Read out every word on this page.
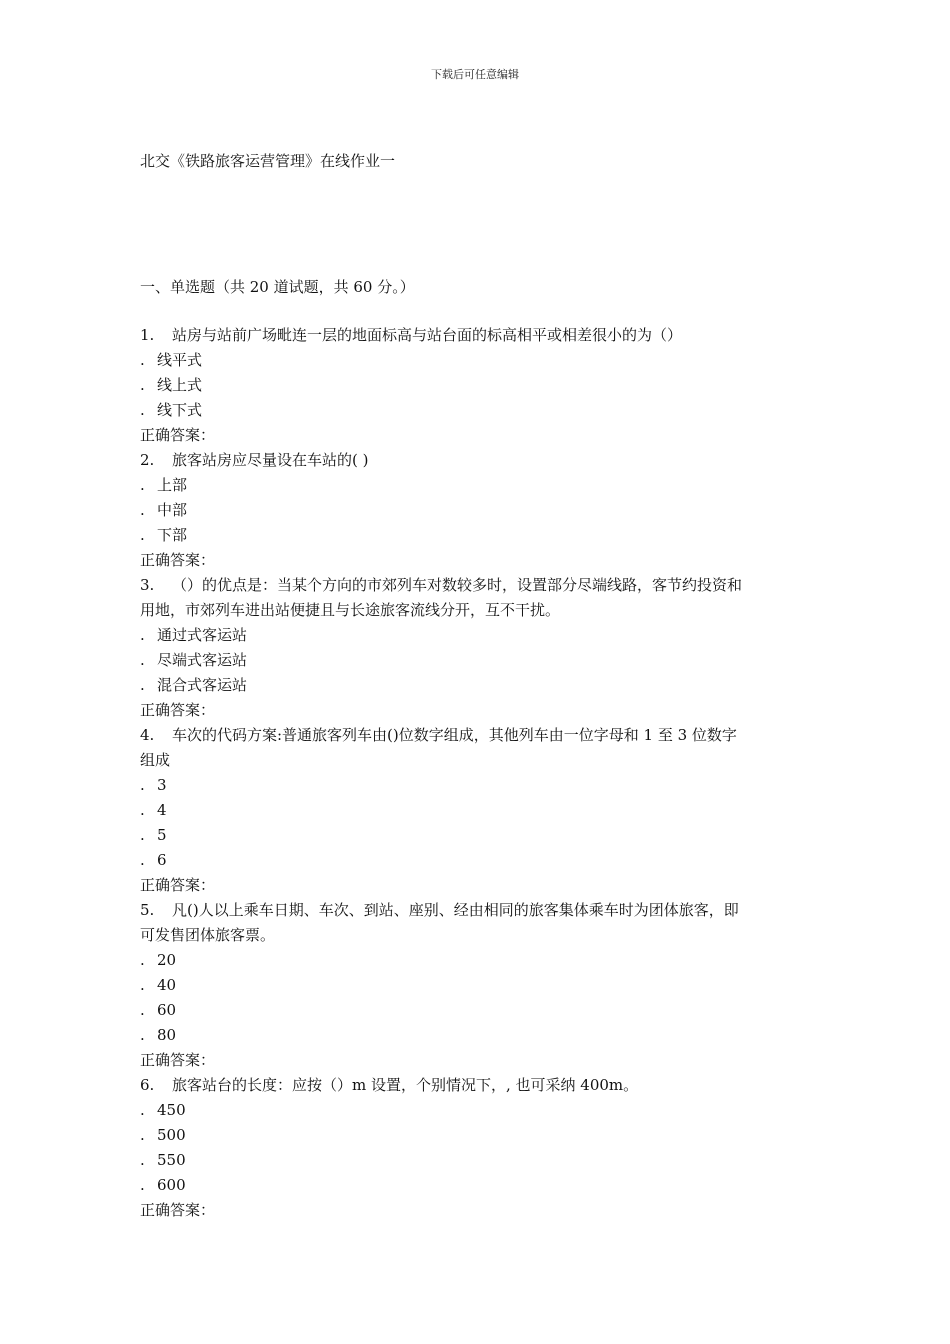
下载后可任意编辑
北交《铁路旅客运营管理》在线作业一
一、单选题（共 20 道试题，共 60 分。）
1.	站房与站前广场毗连一层的地面标高与站台面的标高相平或相差很小的为（）
. 线平式
. 线上式
. 线下式
正确答案：
2.	旅客站房应尽量设在车站的( )
. 上部
. 中部
. 下部
正确答案：
3.	（）的优点是：当某个方向的市郊列车对数较多时，设置部分尽端线路，客节约投资和
用地，市郊列车进出站便捷且与长途旅客流线分开，互不干扰。
. 通过式客运站
. 尽端式客运站
. 混合式客运站
正确答案：
4.	车次的代码方案:普通旅客列车由()位数字组成，其他列车由一位字母和 1 至 3 位数字
组成
. 3
. 4
. 5
. 6
正确答案：
5.	凡()人以上乘车日期、车次、到站、座别、经由相同的旅客集体乘车时为团体旅客，即
可发售团体旅客票。
. 20
. 40
. 60
. 80
正确答案：
6.	旅客站台的长度：应按（）m 设置，个别情况下，, 也可采纳 400m。
. 450
. 500
. 550
. 600
正确答案：
